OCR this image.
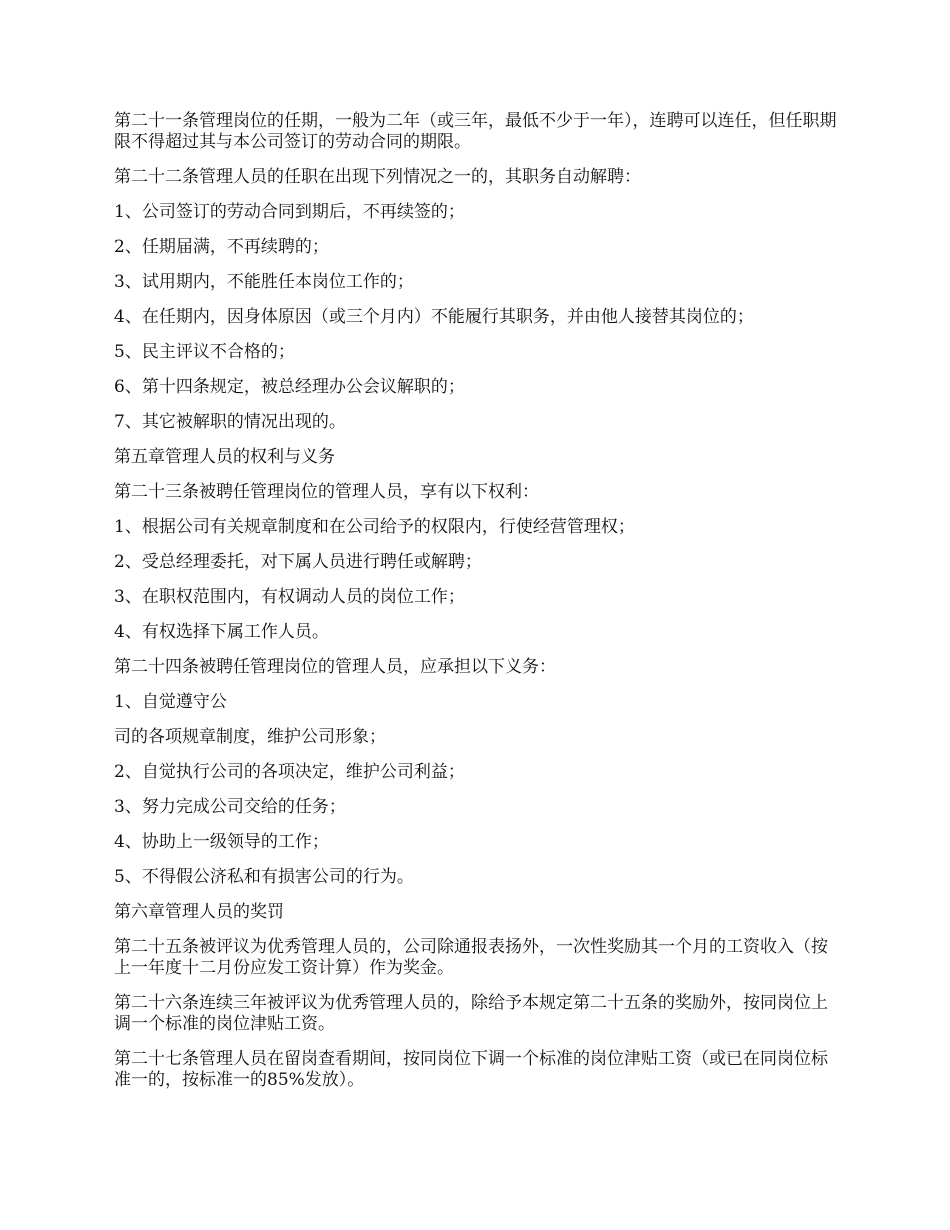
第二十一条管理岗位的任期，一般为二年（或三年，最低不少于一年），连聘可以连任，但任职期限不得超过其与本公司签订的劳动合同的期限。

第二十二条管理人员的任职在出现下列情况之一的，其职务自动解聘：

1、公司签订的劳动合同到期后，不再续签的；

2、任期届满，不再续聘的；

3、试用期内，不能胜任本岗位工作的；

4、在任期内，因身体原因（或三个月内）不能履行其职务，并由他人接替其岗位的；

5、民主评议不合格的；

6、第十四条规定，被总经理办公会议解职的；

7、其它被解职的情况出现的。

第五章管理人员的权利与义务

第二十三条被聘任管理岗位的管理人员，享有以下权利：

1、根据公司有关规章制度和在公司给予的权限内，行使经营管理权；

2、受总经理委托，对下属人员进行聘任或解聘；

3、在职权范围内，有权调动人员的岗位工作；

4、有权选择下属工作人员。

第二十四条被聘任管理岗位的管理人员，应承担以下义务：

1、自觉遵守公

司的各项规章制度，维护公司形象；

2、自觉执行公司的各项决定，维护公司利益；

3、努力完成公司交给的任务；

4、协助上一级领导的工作；

5、不得假公济私和有损害公司的行为。

第六章管理人员的奖罚

第二十五条被评议为优秀管理人员的，公司除通报表扬外，一次性奖励其一个月的工资收入（按上一年度十二月份应发工资计算）作为奖金。

第二十六条连续三年被评议为优秀管理人员的，除给予本规定第二十五条的奖励外，按同岗位上调一个标准的岗位津贴工资。

第二十七条管理人员在留岗查看期间，按同岗位下调一个标准的岗位津贴工资（或已在同岗位标准一的，按标准一的85%发放）。
